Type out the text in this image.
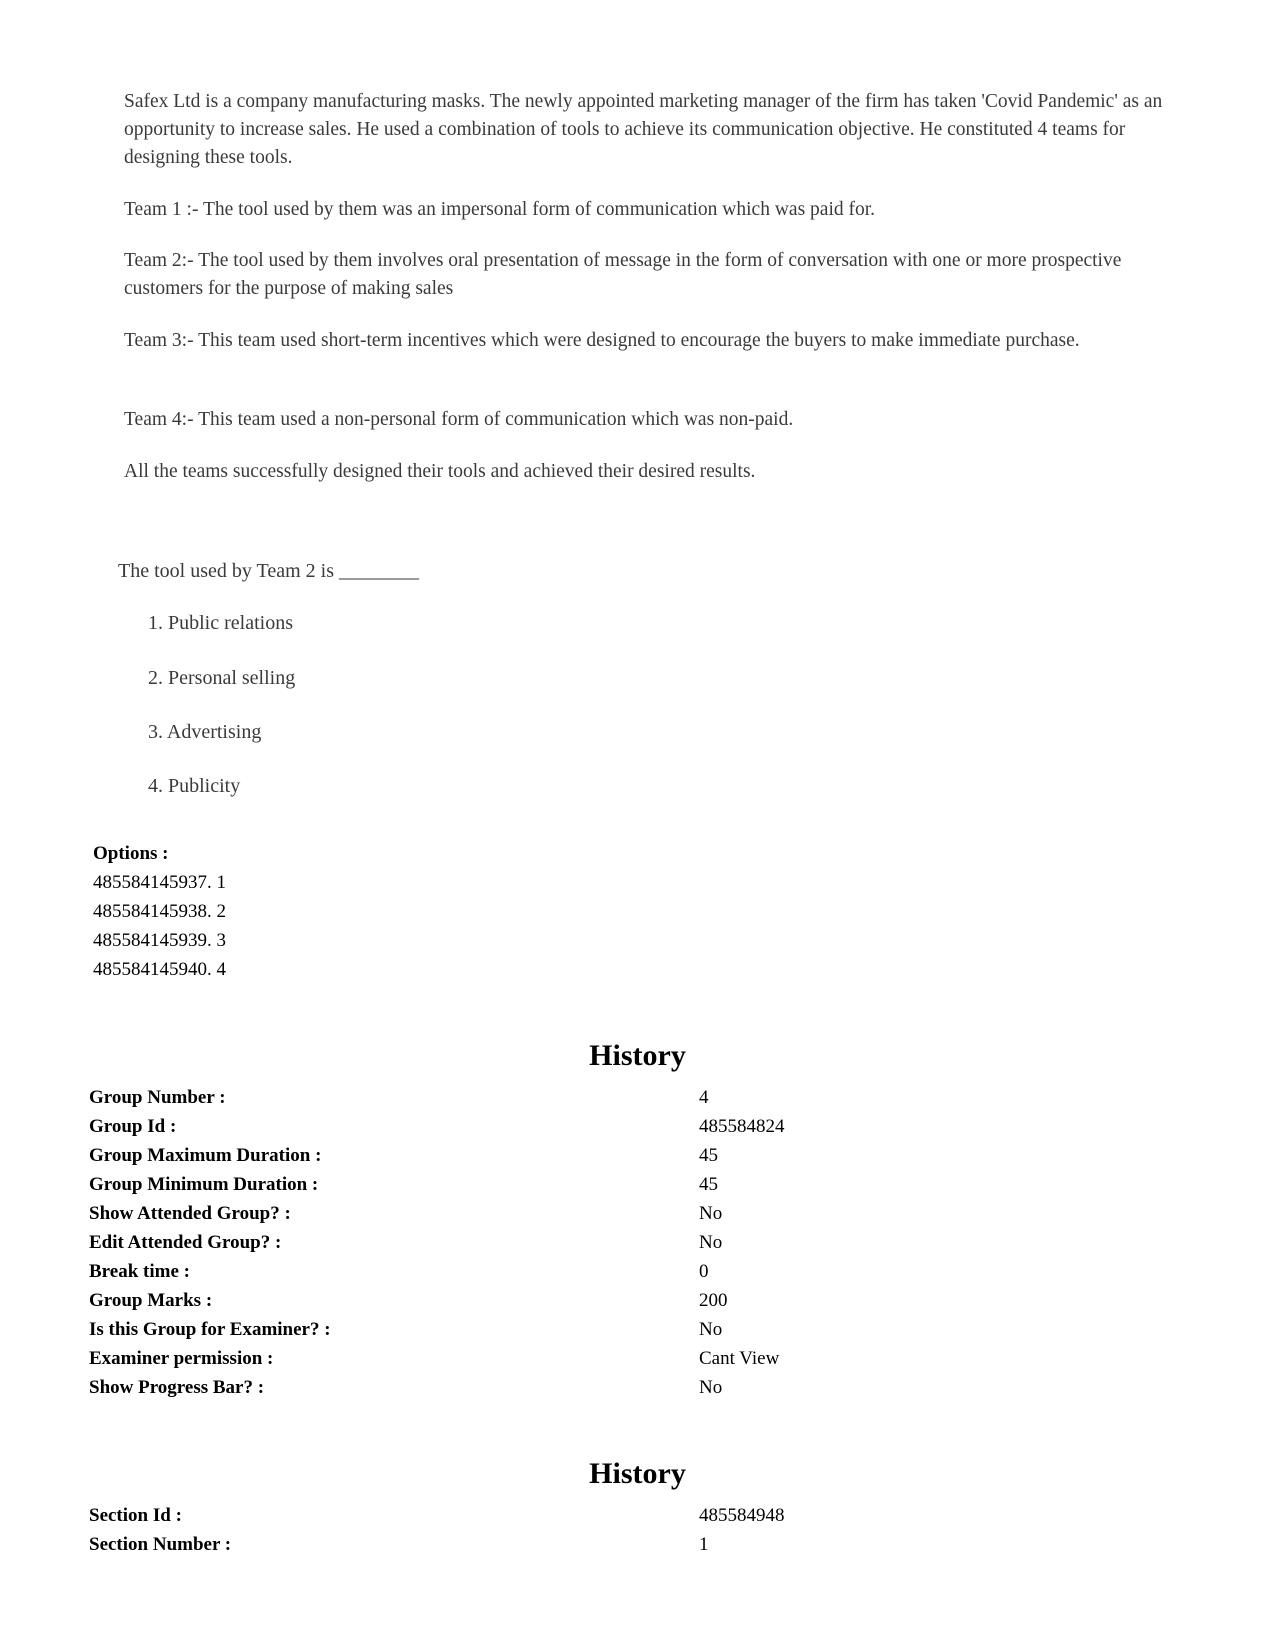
Safex Ltd is a company manufacturing masks. The newly appointed marketing manager of the firm has taken 'Covid Pandemic' as an opportunity to increase sales. He used a combination of tools to achieve its communication objective. He constituted 4 teams for designing these tools.

Team 1 :- The tool used by them was an impersonal form of communication which was paid for.

Team 2:- The tool used by them involves oral presentation of message in the form of conversation with one or more prospective customers for the purpose of making sales

Team 3:- This team used short-term incentives which were designed to encourage the buyers to make immediate purchase.

Team 4:- This team used a non-personal form of communication which was non-paid.

All the teams successfully designed their tools and achieved their desired results.

The tool used by Team 2 is ________
1. Public relations
2. Personal selling
3. Advertising
4. Publicity
Options :
485584145937. 1
485584145938. 2
485584145939. 3
485584145940. 4
History
Group Number :	4
Group Id :	485584824
Group Maximum Duration :	45
Group Minimum Duration :	45
Show Attended Group? :	No
Edit Attended Group? :	No
Break time :	0
Group Marks :	200
Is this Group for Examiner? :	No
Examiner permission :	Cant View
Show Progress Bar? :	No
History
Section Id :	485584948
Section Number :	1
